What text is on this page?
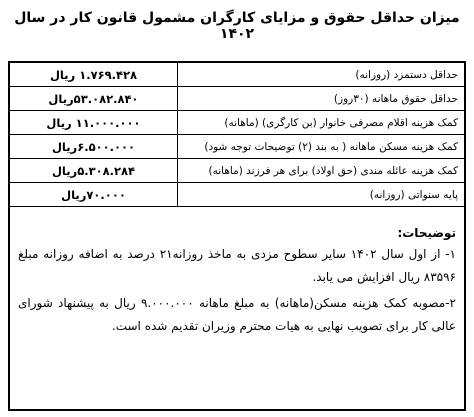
میزان حداقل حقوق و مزایای کارگران مشمول قانون کار در سال ۱۴۰۲
۱.۷۶۹.۴۲۸ ریال	حداقل دستمزد (روزانه)
۵۳.۰۸۲.۸۴۰ریال	حداقل حقوق ماهانه (۳۰روز)
۱۱.۰۰۰.۰۰۰ ریال	کمک هزینه اقلام مصرفی خانوار (بن کارگری) (ماهانه)
۶.۵۰۰.۰۰۰ریال	کمک هزینه مسکن ماهانه ( به بند (۲) توضیحات توجه شود)
۵.۳۰۸.۲۸۴ریال	کمک هزینه عائله مندی (حق اولاد) برای هر فرزند (ماهانه)
۷۰.۰۰۰ریال	پایه سنواتی (روزانه)
توضیحات:
۱- از اول سال ۱۴۰۲ سایر سطوح مزدی به ماخذ روزانه۲۱ درصد به اضافه روزانه مبلغ ۸۳۵۹۶ ریال افزایش می یابد.
۲-مصوبه کمک هزینه مسکن(ماهانه) به مبلغ ماهانه ۹.۰۰۰.۰۰۰ ریال به پیشنهاد شورای عالی کار برای تصویب نهایی به هیات محترم وزیران تقدیم شده است.
